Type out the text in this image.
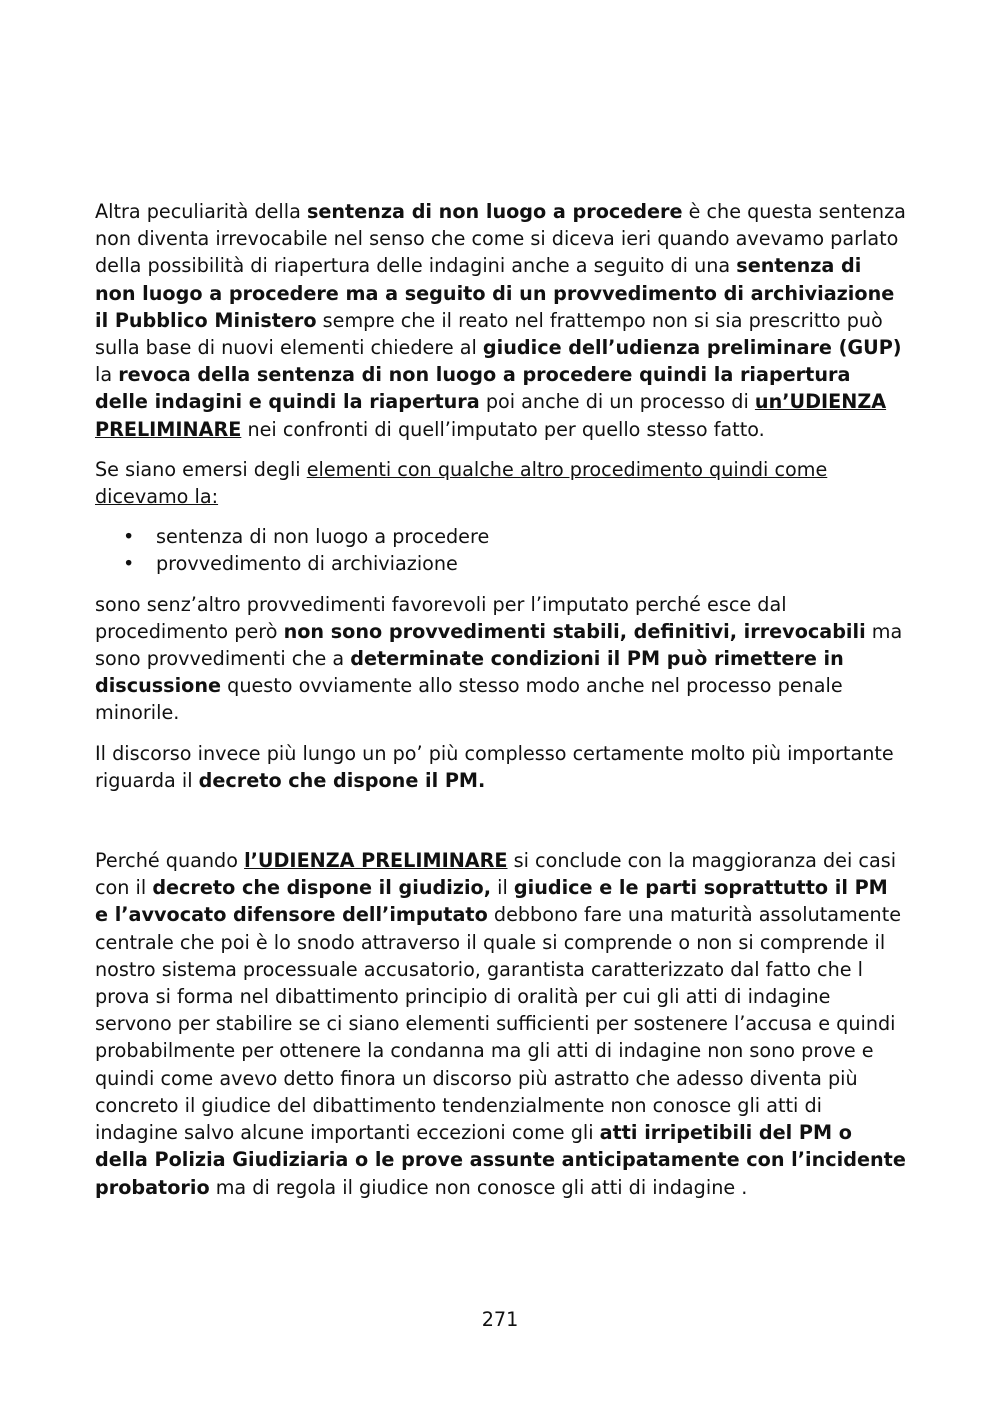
Altra peculiarità della sentenza di non luogo a procedere è che questa sentenza non diventa irrevocabile nel senso che come si diceva ieri quando avevamo parlato della possibilità di riapertura delle indagini anche a seguito di una sentenza di non luogo a procedere ma a seguito di un provvedimento di archiviazione il Pubblico Ministero sempre che il reato nel frattempo non si sia prescritto può sulla base di nuovi elementi chiedere al giudice dell’udienza preliminare (GUP) la revoca della sentenza di non luogo a procedere quindi la riapertura delle indagini e quindi la riapertura poi anche di un processo di un’UDIENZA PRELIMINARE nei confronti di quell’imputato per quello stesso fatto.

Se siano emersi degli elementi con qualche altro procedimento quindi come dicevamo la:

• sentenza di non luogo a procedere
• provvedimento di archiviazione

sono senz’altro provvedimenti favorevoli per l’imputato perché esce dal procedimento però non sono provvedimenti stabili, definitivi, irrevocabili ma sono provvedimenti che a determinate condizioni il PM può rimettere in discussione questo ovviamente allo stesso modo anche nel processo penale minorile.

Il discorso invece più lungo un po’ più complesso certamente molto più importante riguarda il decreto che dispone il PM.

Perché quando l’UDIENZA PRELIMINARE si conclude con la maggioranza dei casi con il decreto che dispone il giudizio, il giudice e le parti soprattutto il PM e l’avvocato difensore dell’imputato debbono fare una maturità assolutamente centrale che poi è lo snodo attraverso il quale si comprende o non si comprende il nostro sistema processuale accusatorio, garantista caratterizzato dal fatto che l prova si forma nel dibattimento principio di oralità per cui gli atti di indagine servono per stabilire se ci siano elementi sufficienti per sostenere l’accusa e quindi probabilmente per ottenere la condanna ma gli atti di indagine non sono prove e quindi come avevo detto finora un discorso più astratto che adesso diventa più concreto il giudice del dibattimento tendenzialmente non conosce gli atti di indagine salvo alcune importanti eccezioni come gli atti irripetibili del PM o della Polizia Giudiziaria o le prove assunte anticipatamente con l’incidente probatorio ma di regola il giudice non conosce gli atti di indagine .

271
